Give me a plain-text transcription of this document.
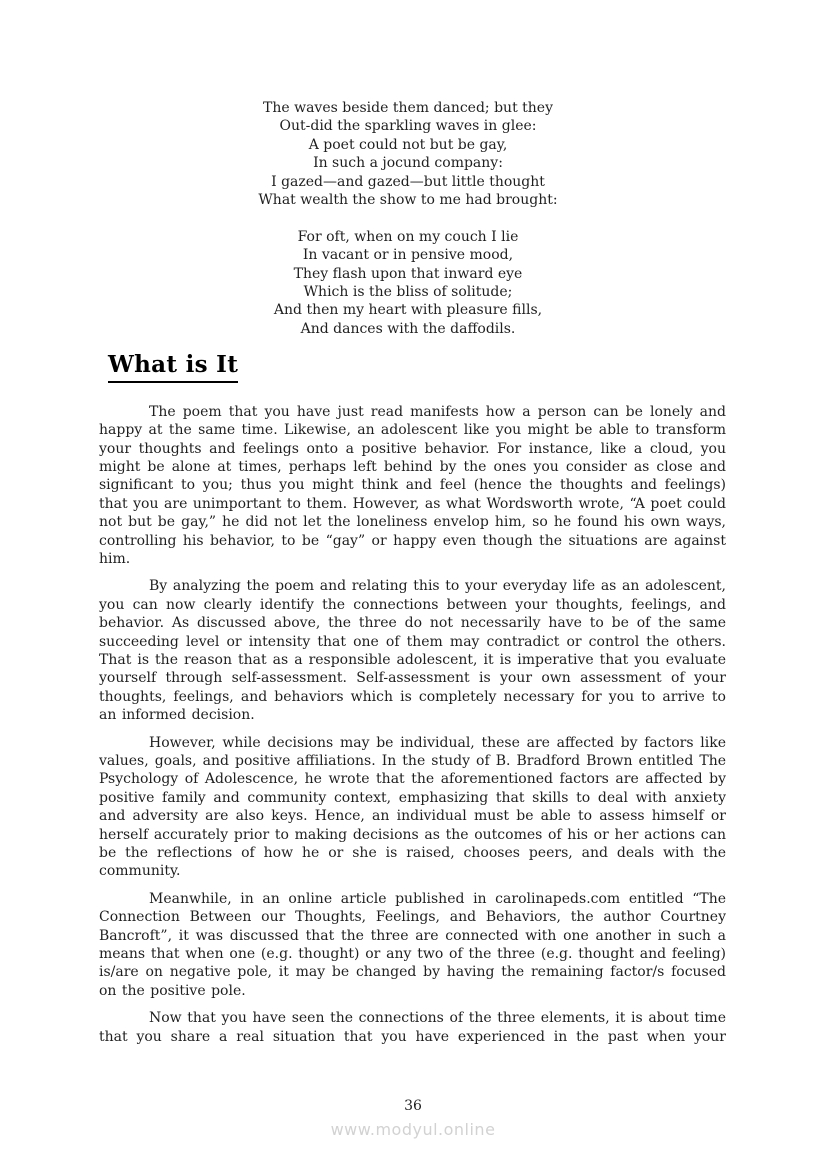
The waves beside them danced; but they
Out-did the sparkling waves in glee:
A poet could not but be gay,
In such a jocund company:
I gazed—and gazed—but little thought
What wealth the show to me had brought:
For oft, when on my couch I lie
In vacant or in pensive mood,
They flash upon that inward eye
Which is the bliss of solitude;
And then my heart with pleasure fills,
And dances with the daffodils.
What is It

The poem that you have just read manifests how a person can be lonely and happy at the same time. Likewise, an adolescent like you might be able to transform your thoughts and feelings onto a positive behavior. For instance, like a cloud, you might be alone at times, perhaps left behind by the ones you consider as close and significant to you; thus you might think and feel (hence the thoughts and feelings) that you are unimportant to them. However, as what Wordsworth wrote, “A poet could not but be gay,” he did not let the loneliness envelop him, so he found his own ways, controlling his behavior, to be “gay” or happy even though the situations are against him.

By analyzing the poem and relating this to your everyday life as an adolescent, you can now clearly identify the connections between your thoughts, feelings, and behavior. As discussed above, the three do not necessarily have to be of the same succeeding level or intensity that one of them may contradict or control the others. That is the reason that as a responsible adolescent, it is imperative that you evaluate yourself through self-assessment. Self-assessment is your own assessment of your thoughts, feelings, and behaviors which is completely necessary for you to arrive to an informed decision.

However, while decisions may be individual, these are affected by factors like values, goals, and positive affiliations. In the study of B. Bradford Brown entitled The Psychology of Adolescence, he wrote that the aforementioned factors are affected by positive family and community context, emphasizing that skills to deal with anxiety and adversity are also keys. Hence, an individual must be able to assess himself or herself accurately prior to making decisions as the outcomes of his or her actions can be the reflections of how he or she is raised, chooses peers, and deals with the community.

Meanwhile, in an online article published in carolinapeds.com entitled “The Connection Between our Thoughts, Feelings, and Behaviors, the author Courtney Bancroft”, it was discussed that the three are connected with one another in such a means that when one (e.g. thought) or any two of the three (e.g. thought and feeling) is/are on negative pole, it may be changed by having the remaining factor/s focused on the positive pole.

Now that you have seen the connections of the three elements, it is about time that you share a real situation that you have experienced in the past when your

36
www.modyul.online
